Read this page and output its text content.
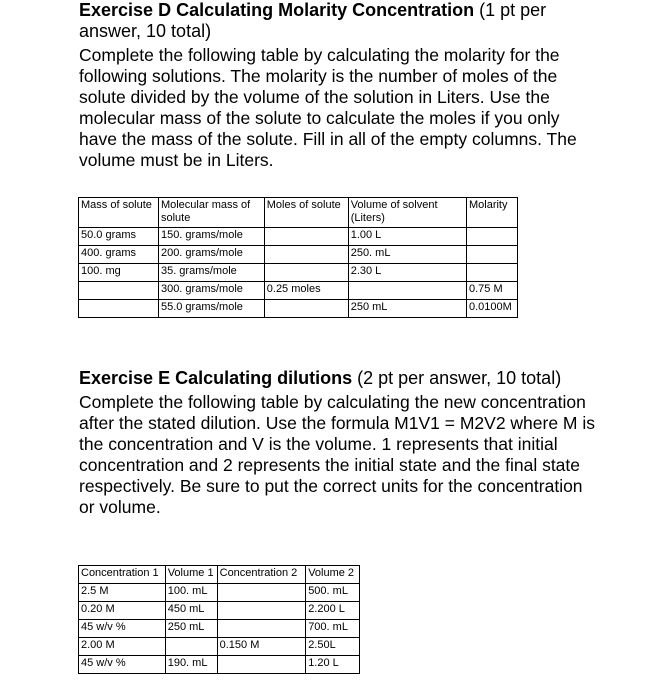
Exercise D Calculating Molarity Concentration (1 pt per answer, 10 total)

Complete the following table by calculating the molarity for the following solutions. The molarity is the number of moles of the solute divided by the volume of the solution in Liters. Use the molecular mass of the solute to calculate the moles if you only have the mass of the solute. Fill in all of the empty columns. The volume must be in Liters.

Mass of solute	Molecular mass of solute	Moles of solute	Volume of solvent (Liters)	Molarity
50.0 grams	150. grams/mole		1.00 L	
400. grams	200. grams/mole		250. mL	
100. mg	35. grams/mole		2.30 L	
	300. grams/mole	0.25 moles		0.75 M
	55.0 grams/mole		250 mL	0.0100M

Exercise E Calculating dilutions (2 pt per answer, 10 total)

Complete the following table by calculating the new concentration after the stated dilution. Use the formula M1V1 = M2V2 where M is the concentration and V is the volume. 1 represents that initial concentration and 2 represents the initial state and the final state respectively. Be sure to put the correct units for the concentration or volume.

Concentration 1	Volume 1	Concentration 2	Volume 2
2.5 M	100. mL		500. mL
0.20 M	450 mL		2.200 L
45 w/v %	250 mL		700. mL
2.00 M		0.150 M	2.50L
45 w/v %	190. mL		1.20 L
